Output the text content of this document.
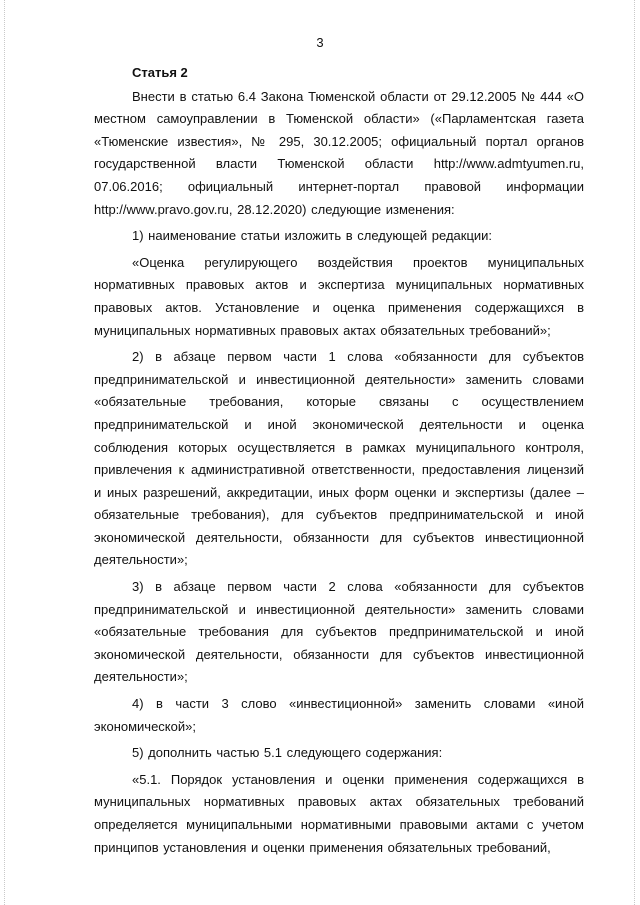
3
Статья 2

Внести в статью 6.4 Закона Тюменской области от 29.12.2005 № 444 «О местном самоуправлении в Тюменской области» («Парламентская газета «Тюменские известия», № 295, 30.12.2005; официальный портал органов государственной власти Тюменской области http://www.admtyumen.ru, 07.06.2016; официальный интернет-портал правовой информации http://www.pravo.gov.ru, 28.12.2020) следующие изменения:

1) наименование статьи изложить в следующей редакции:

«Оценка регулирующего воздействия проектов муниципальных нормативных правовых актов и экспертиза муниципальных нормативных правовых актов. Установление и оценка применения содержащихся в муниципальных нормативных правовых актах обязательных требований»;

2) в абзаце первом части 1 слова «обязанности для субъектов предпринимательской и инвестиционной деятельности» заменить словами «обязательные требования, которые связаны с осуществлением предпринимательской и иной экономической деятельности и оценка соблюдения которых осуществляется в рамках муниципального контроля, привлечения к административной ответственности, предоставления лицензий и иных разрешений, аккредитации, иных форм оценки и экспертизы (далее – обязательные требования), для субъектов предпринимательской и иной экономической деятельности, обязанности для субъектов инвестиционной деятельности»;

3) в абзаце первом части 2 слова «обязанности для субъектов предпринимательской и инвестиционной деятельности» заменить словами «обязательные требования для субъектов предпринимательской и иной экономической деятельности, обязанности для субъектов инвестиционной деятельности»;

4) в части 3 слово «инвестиционной» заменить словами «иной экономической»;

5) дополнить частью 5.1 следующего содержания:

«5.1. Порядок установления и оценки применения содержащихся в муниципальных нормативных правовых актах обязательных требований определяется муниципальными нормативными правовыми актами с учетом принципов установления и оценки применения обязательных требований,
